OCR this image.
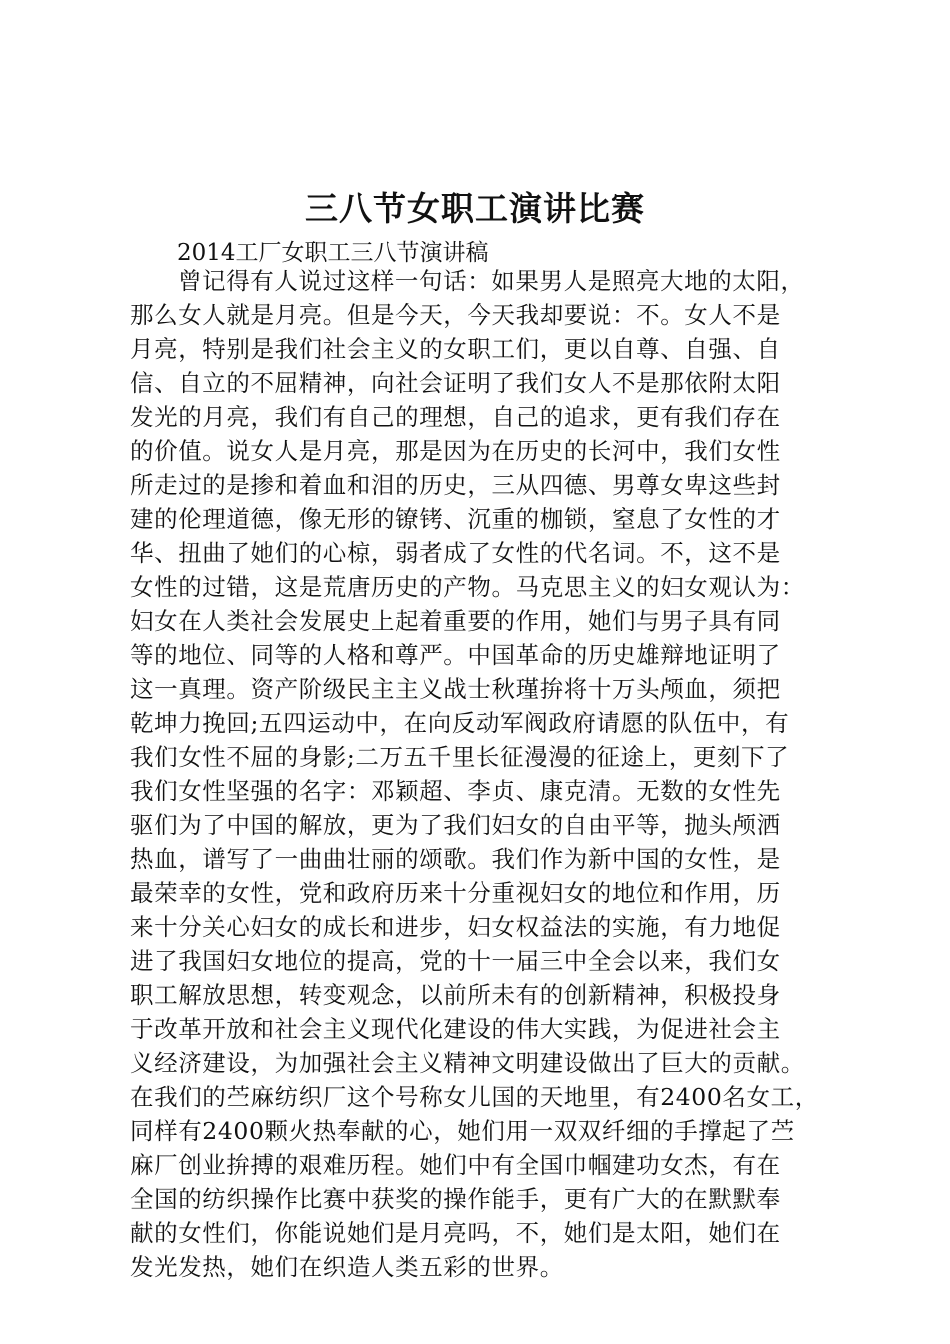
三八节女职工演讲比赛

2014工厂女职工三八节演讲稿

曾记得有人说过这样一句话：如果男人是照亮大地的太阳，
那么女人就是月亮。但是今天，今天我却要说：不。女人不是
月亮，特别是我们社会主义的女职工们，更以自尊、自强、自
信、自立的不屈精神，向社会证明了我们女人不是那依附太阳
发光的月亮，我们有自己的理想，自己的追求，更有我们存在
的价值。说女人是月亮，那是因为在历史的长河中，我们女性
所走过的是掺和着血和泪的历史，三从四德、男尊女卑这些封
建的伦理道德，像无形的镣铐、沉重的枷锁，窒息了女性的才
华、扭曲了她们的心椋，弱者成了女性的代名词。不，这不是
女性的过错，这是荒唐历史的产物。马克思主义的妇女观认为：
妇女在人类社会发展史上起着重要的作用，她们与男子具有同
等的地位、同等的人格和尊严。中国革命的历史雄辩地证明了
这一真理。资产阶级民主主义战士秋瑾拚将十万头颅血，须把
乾坤力挽回;五四运动中，在向反动军阀政府请愿的队伍中，有
我们女性不屈的身影;二万五千里长征漫漫的征途上，更刻下了
我们女性坚强的名字：邓颖超、李贞、康克清。无数的女性先
驱们为了中国的解放，更为了我们妇女的自由平等，抛头颅洒
热血，谱写了一曲曲壮丽的颂歌。我们作为新中国的女性，是
最荣幸的女性，党和政府历来十分重视妇女的地位和作用，历
来十分关心妇女的成长和进步，妇女权益法的实施，有力地促
进了我国妇女地位的提高，党的十一届三中全会以来，我们女
职工解放思想，转变观念，以前所未有的创新精神，积极投身
于改革开放和社会主义现代化建设的伟大实践，为促进社会主
义经济建设，为加强社会主义精神文明建设做出了巨大的贡献。
在我们的苎麻纺织厂这个号称女儿国的天地里，有2400名女工，
同样有2400颗火热奉献的心，她们用一双双纤细的手撑起了苎
麻厂创业拚搏的艰难历程。她们中有全国巾帼建功女杰，有在
全国的纺织操作比赛中获奖的操作能手，更有广大的在默默奉
献的女性们，你能说她们是月亮吗，不，她们是太阳，她们在
发光发热，她们在织造人类五彩的世界。
